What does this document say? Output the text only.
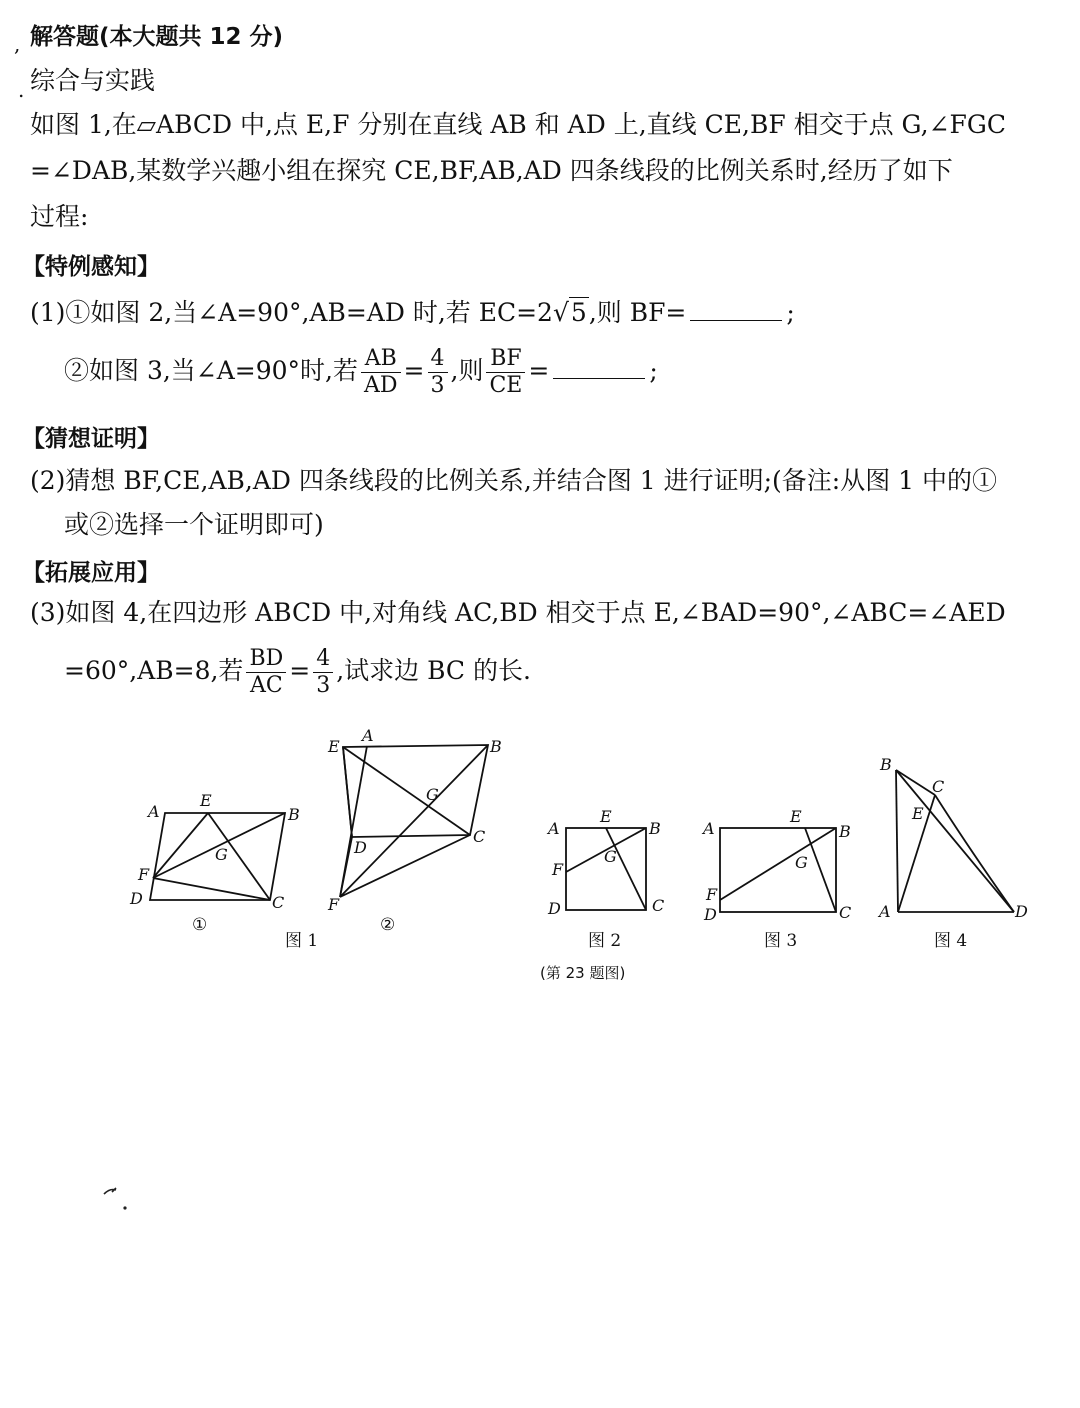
, 解答题(本大题共 12 分)
. 综合与实践
如图 1,在▱ABCD 中,点 E,F 分别在直线 AB 和 AD 上,直线 CE,BF 相交于点 G,∠FGC
=∠DAB,某数学兴趣小组在探究 CE,BF,AB,AD 四条线段的比例关系时,经历了如下
过程:
【特例感知】
(1)①如图 2,当∠A=90°,AB=AD 时,若 EC=2√5,则 BF=	;
②如图 3,当∠A=90°时,若 $\frac{AB}{AD} = \frac{4}{3}$ ,则 $\frac{BF}{CE}$ =	;
【猜想证明】
(2)猜想 BF,CE,AB,AD 四条线段的比例关系,并结合图 1 进行证明;(备注:从图 1 中的①
或②选择一个证明即可)
【拓展应用】
(3)如图 4,在四边形 ABCD 中,对角线 AC,BD 相交于点 E,∠BAD=90°,∠ABC=∠AED
=60°,AB=8,若 $\frac{BD}{AC} = \frac{4}{3}$ ,试求边 BC 的长.
A
E
B
F
G
D	C
E
A
B
G
C
D
F
A
E
B
F
G
D	C
A
E
B
G
F
D	C
B
C
E
A	D
①	②
图 1	图 2	图 3	图 4
(第 23 题图)
